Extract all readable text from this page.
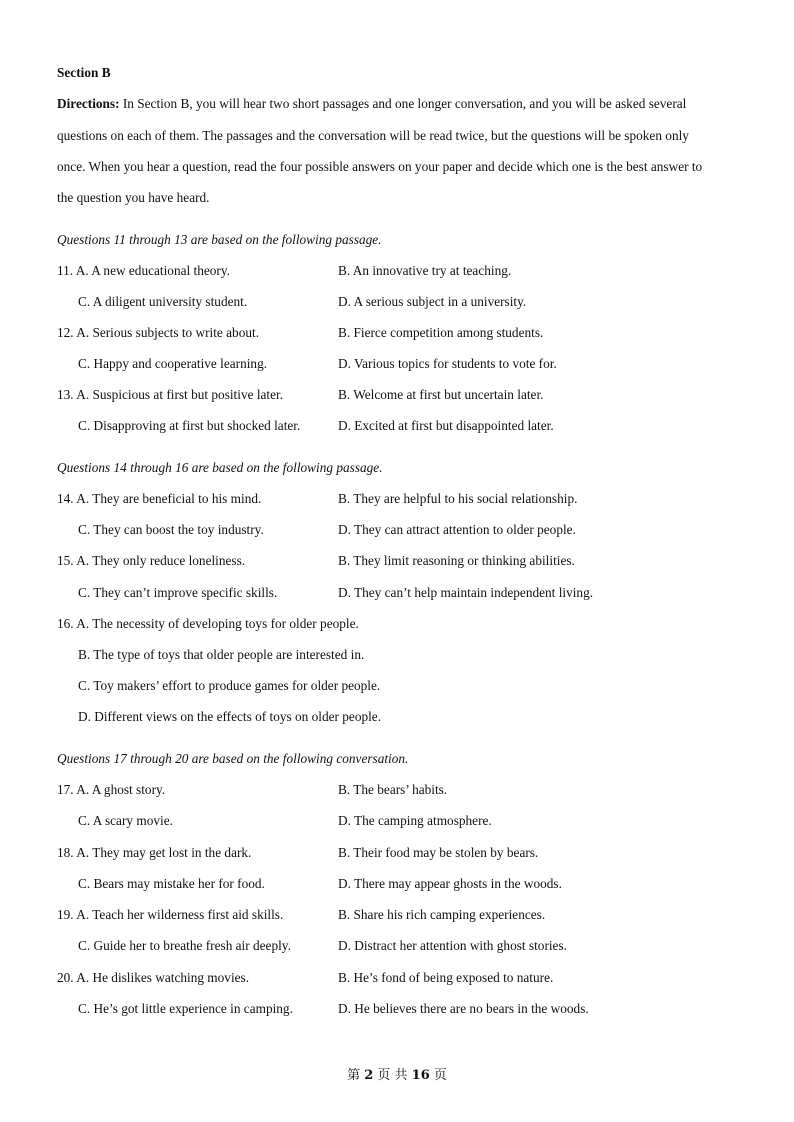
Section B
Directions: In Section B, you will hear two short passages and one longer conversation, and you will be asked several
questions on each of them. The passages and the conversation will be read twice, but the questions will be spoken only
once. When you hear a question, read the four possible answers on your paper and decide which one is the best answer to
the question you have heard.
Questions 11 through 13 are based on the following passage.
11. A. A new educational theory.	B. An innovative try at teaching.
C. A diligent university student.	D. A serious subject in a university.
12. A. Serious subjects to write about.	B. Fierce competition among students.
C. Happy and cooperative learning.	D. Various topics for students to vote for.
13. A. Suspicious at first but positive later.	B. Welcome at first but uncertain later.
C. Disapproving at first but shocked later.	D. Excited at first but disappointed later.
Questions 14 through 16 are based on the following passage.
14. A. They are beneficial to his mind.	B. They are helpful to his social relationship.
C. They can boost the toy industry.	D. They can attract attention to older people.
15. A. They only reduce loneliness.	B. They limit reasoning or thinking abilities.
C. They can’t improve specific skills.	D. They can’t help maintain independent living.
16. A. The necessity of developing toys for older people.
B. The type of toys that older people are interested in.
C. Toy makers’ effort to produce games for older people.
D. Different views on the effects of toys on older people.
Questions 17 through 20 are based on the following conversation.
17. A. A ghost story.	B. The bears’ habits.
C. A scary movie.	D. The camping atmosphere.
18. A. They may get lost in the dark.	B. Their food may be stolen by bears.
C. Bears may mistake her for food.	D. There may appear ghosts in the woods.
19. A. Teach her wilderness first aid skills.	B. Share his rich camping experiences.
C. Guide her to breathe fresh air deeply.	D. Distract her attention with ghost stories.
20. A. He dislikes watching movies.	B. He’s fond of being exposed to nature.
C. He’s got little experience in camping.	D. He believes there are no bears in the woods.
第 2 页 共 16 页
